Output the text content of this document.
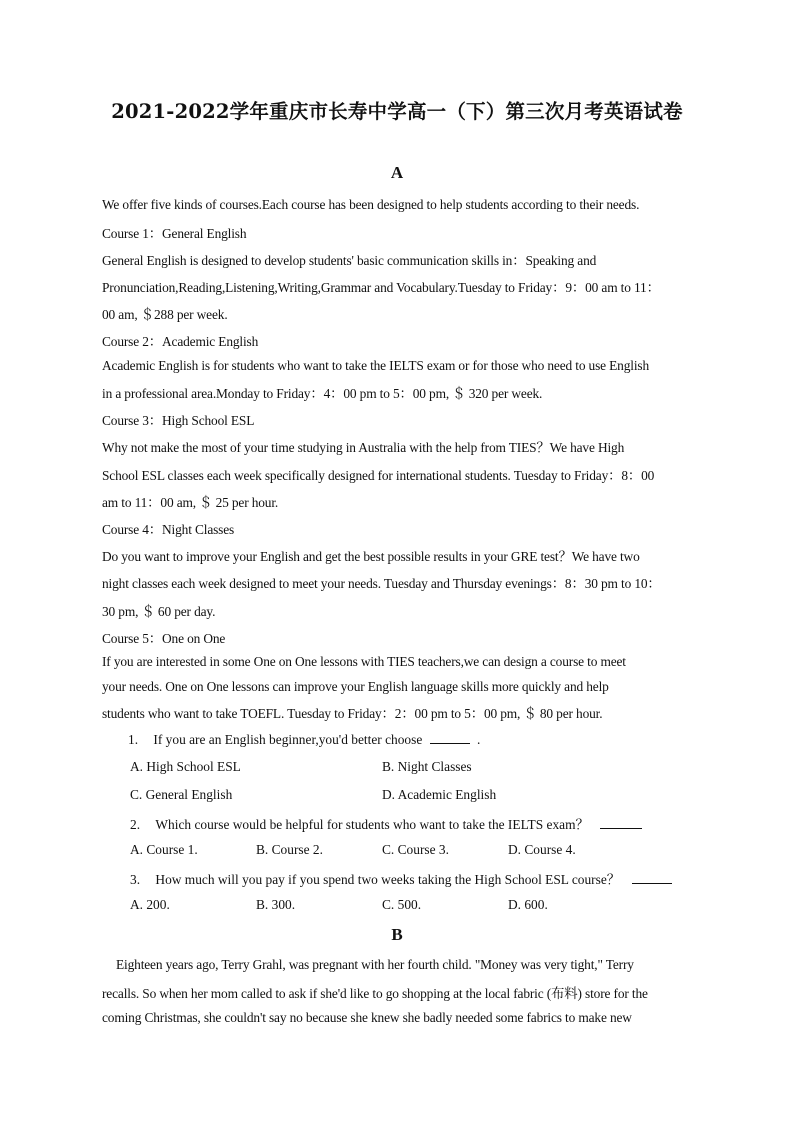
2021-2022学年重庆市长寿中学高一（下）第三次月考英语试卷
A
We offer five kinds of courses.Each course has been designed to help students according to their needs.
Course 1：General English
General English is designed to develop students' basic communication skills in：Speaking and
Pronunciation,Reading,Listening,Writing,Grammar and Vocabulary.Tuesday to Friday：9：00 am to 11：
00 am, ＄288 per week.
Course 2：Academic English
Academic English is for students who want to take the IELTS exam or for those who need to use English
in a professional area.Monday to Friday：4：00 pm to 5：00 pm, ＄ 320 per week.
Course 3：High School ESL
Why not make the most of your time studying in Australia with the help from TIES？We have High
School ESL classes each week specifically designed for international students. Tuesday to Friday：8：00
am to 11：00 am, ＄ 25 per hour.
Course 4：Night Classes
Do you want to improve your English and get the best possible results in your GRE test？We have two
night classes each week designed to meet your needs. Tuesday and Thursday evenings：8：30 pm to 10：
30 pm, ＄ 60 per day.
Course 5：One on One
If you are interested in some One on One lessons with TIES teachers,we can design a course to meet
your needs. One on One lessons can improve your English language skills more quickly and help
students who want to take TOEFL. Tuesday to Friday：2：00 pm to 5：00 pm, ＄ 80 per hour.
1. If you are an English beginner,you'd better choose	.
A. High School ESL	B. Night Classes
C. General English	D. Academic English
2. Which course would be helpful for students who want to take the IELTS exam？
A. Course 1.	B. Course 2.	C. Course 3.	D. Course 4.
3. How much will you pay if you spend two weeks taking the High School ESL course？
A. 200.	B. 300.	C. 500.	D. 600.
B
Eighteen years ago, Terry Grahl, was pregnant with her fourth child. "Money was very tight," Terry
recalls. So when her mom called to ask if she'd like to go shopping at the local fabric (布料) store for the
coming Christmas, she couldn't say no because she knew she badly needed some fabrics to make new
